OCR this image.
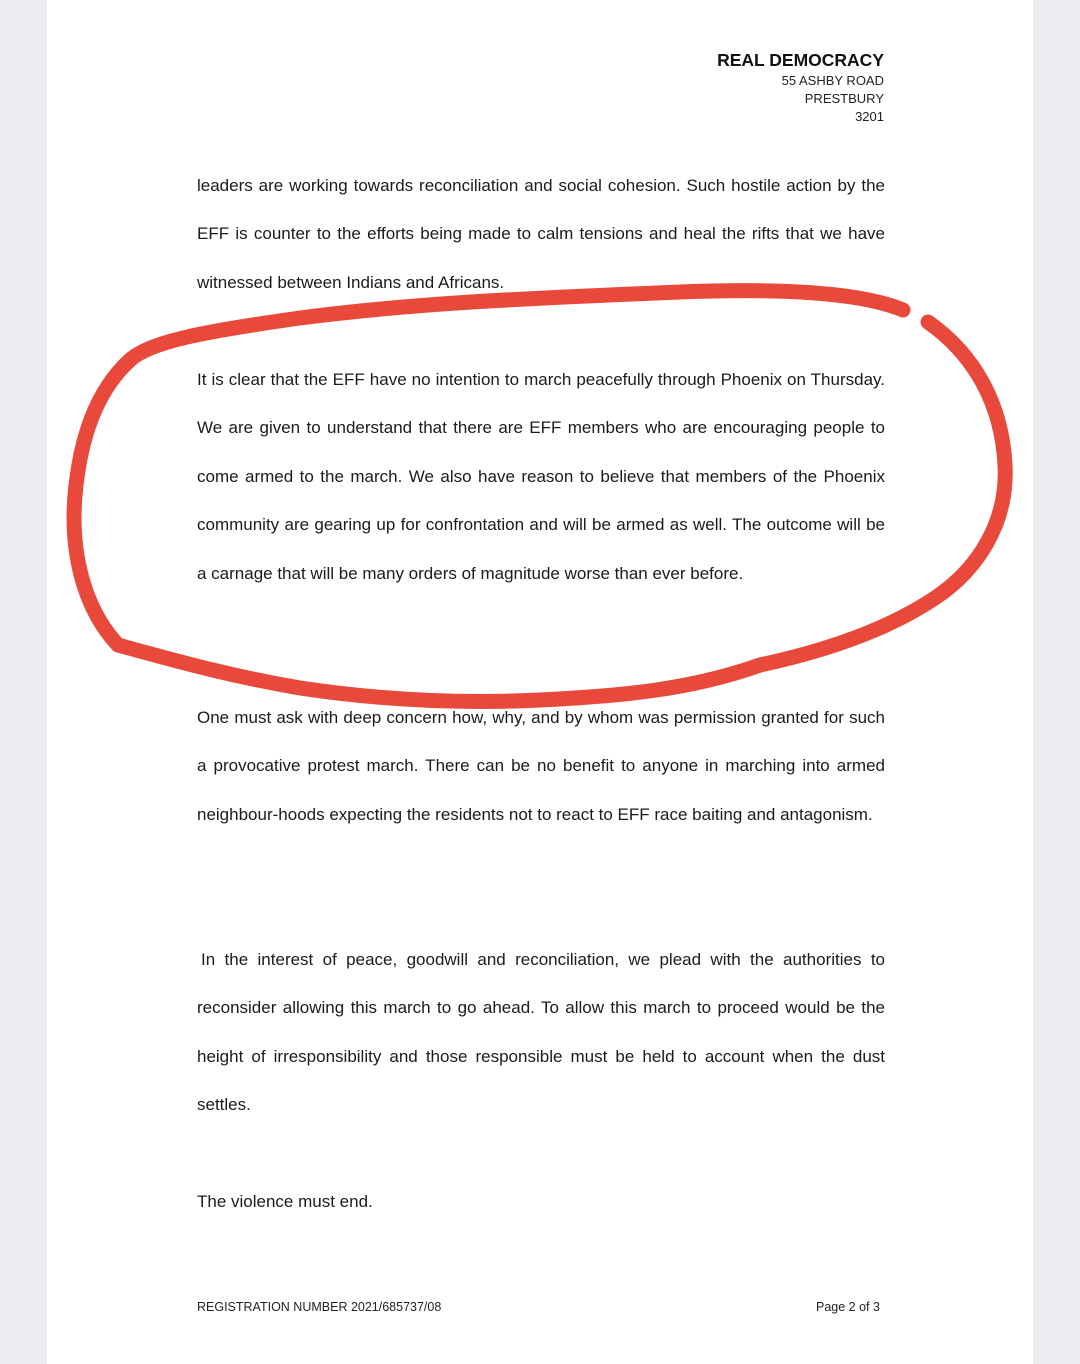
REAL DEMOCRACY
55 ASHBY ROAD
PRESTBURY
3201

leaders are working towards reconciliation and social cohesion. Such hostile action by the EFF is counter to the efforts being made to calm tensions and heal the rifts that we have witnessed between Indians and Africans.

It is clear that the EFF have no intention to march peacefully through Phoenix on Thursday. We are given to understand that there are EFF members who are encouraging people to come armed to the march. We also have reason to believe that members of the Phoenix community are gearing up for confrontation and will be armed as well. The outcome will be a carnage that will be many orders of magnitude worse than ever before.

One must ask with deep concern how, why, and by whom was permission granted for such a provocative protest march. There can be no benefit to anyone in marching into armed neighbour-hoods expecting the residents not to react to EFF race baiting and antagonism.

In the interest of peace, goodwill and reconciliation, we plead with the authorities to reconsider allowing this march to go ahead. To allow this march to proceed would be the height of irresponsibility and those responsible must be held to account when the dust settles.

The violence must end.

REGISTRATION NUMBER 2021/685737/08	Page 2 of 3
